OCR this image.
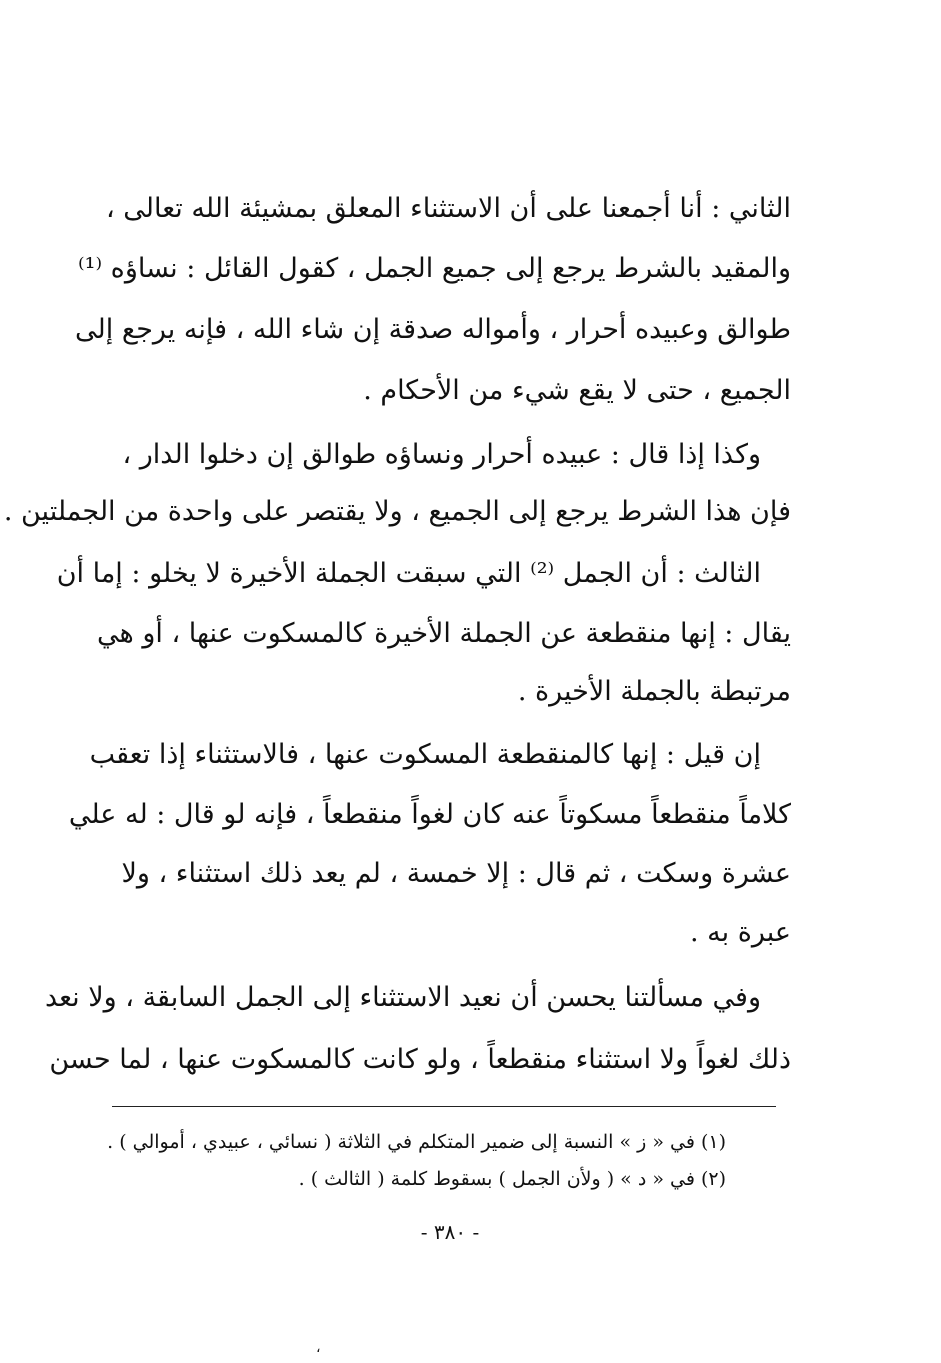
الثاني : أنا أجمعنا على أن الاستثناء المعلق بمشيئة الله تعالى ،
والمقيد بالشرط يرجع إلى جميع الجمل ، كقول القائل : نساؤه ⁽¹⁾
طوالق وعبيده أحرار ، وأمواله صدقة إن شاء الله ، فإنه يرجع إلى
الجميع ، حتى لا يقع شيء من الأحكام .
وكذا إذا قال : عبيده أحرار ونساؤه طوالق إن دخلوا الدار ،
فإن هذا الشرط يرجع إلى الجميع ، ولا يقتصر على واحدة من الجملتين .
الثالث : أن الجمل ⁽²⁾ التي سبقت الجملة الأخيرة لا يخلو : إما أن
يقال : إنها منقطعة عن الجملة الأخيرة كالمسكوت عنها ، أو هي
مرتبطة بالجملة الأخيرة .
إن قيل : إنها كالمنقطعة المسكوت عنها ، فالاستثناء إذا تعقب
كلاماً منقطعاً مسكوتاً عنه كان لغواً منقطعاً ، فإنه لو قال : له علي
عشرة وسكت ، ثم قال : إلا خمسة ، لم يعد ذلك استثناء ، ولا
عبرة به .
وفي مسألتنا يحسن أن نعيد الاستثناء إلى الجمل السابقة ، ولا نعد
ذلك لغواً ولا استثناء منقطعاً ، ولو كانت كالمسكوت عنها ، لما حسن
(١) في « ز » النسبة إلى ضمير المتكلم في الثلاثة ( نسائي ، عبيدي ، أموالي ) .
(٢) في « د » ( ولأن الجمل ) بسقوط كلمة ( الثالث ) .
- ٣٨٠ -
،
